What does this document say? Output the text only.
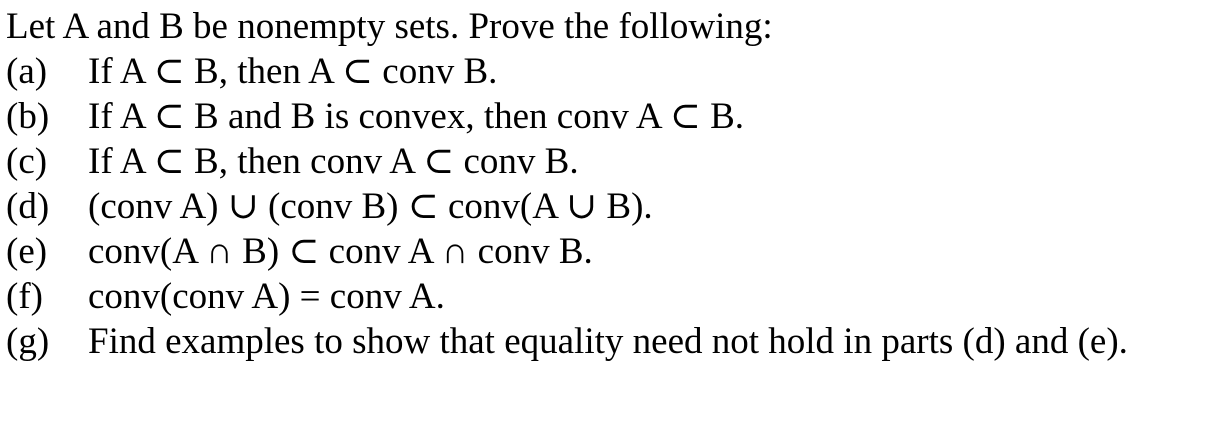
Let A and B be nonempty sets. Prove the following:

(a)	If A ⊂ B, then A ⊂ conv B.
(b)	If A ⊂ B and B is convex, then conv A ⊂ B.
(c)	If A ⊂ B, then conv A ⊂ conv B.
(d)	(conv A) ∪ (conv B) ⊂ conv(A ∪ B).
(e)	conv(A ∩ B) ⊂ conv A ∩ conv B.
(f)	conv(conv A) = conv A.
(g)	Find examples to show that equality need not hold in parts (d) and (e).
